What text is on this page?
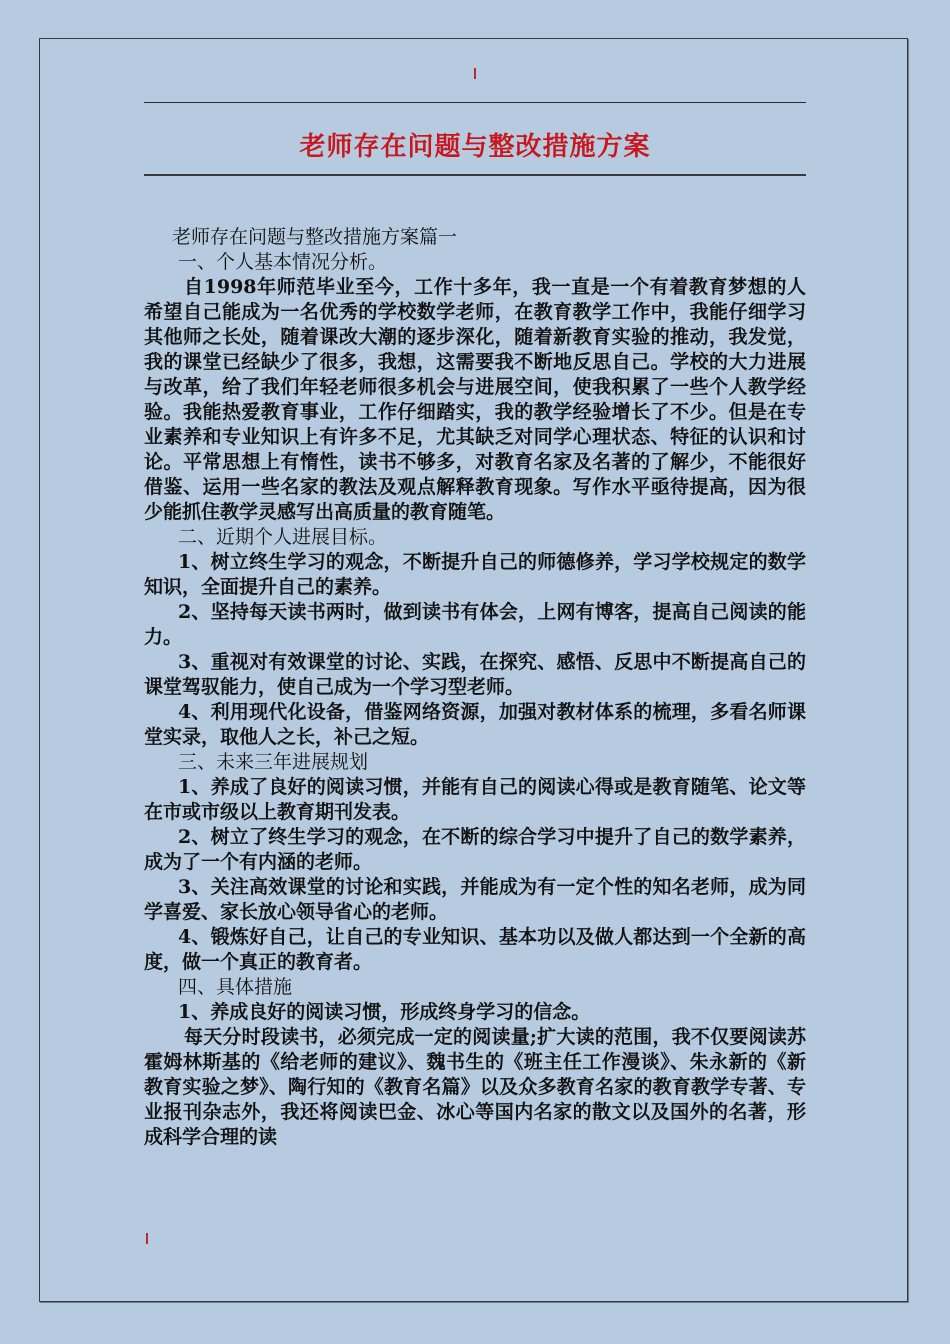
老师存在问题与整改措施方案

老师存在问题与整改措施方案篇一

一、个人基本情况分析。

自1998年师范毕业至今，工作十多年，我一直是一个有着教育梦想的人 希望自己能成为一名优秀的学校数学老师，在教育教学工作中，我能仔细学习其他师之长处，随着课改大潮的逐步深化，随着新教育实验的推动，我发觉，我的课堂已经缺少了很多，我想，这需要我不断地反思自己。学校的大力进展与改革，给了我们年轻老师很多机会与进展空间，使我积累了一些个人教学经验。我能热爱教育事业，工作仔细踏实，我的教学经验增长了不少。但是在专业素养和专业知识上有许多不足，尤其缺乏对同学心理状态、特征的认识和讨论。平常思想上有惰性，读书不够多，对教育名家及名著的了解少，不能很好借鉴、运用一些名家的教法及观点解释教育现象。写作水平亟待提高，因为很少能抓住教学灵感写出高质量的教育随笔。

二、近期个人进展目标。

1、树立终生学习的观念，不断提升自己的师德修养，学习学校规定的数学知识，全面提升自己的素养。

2、坚持每天读书两时，做到读书有体会，上网有博客，提高自己阅读的能力。

3、重视对有效课堂的讨论、实践，在探究、感悟、反思中不断提高自己的课堂驾驭能力，使自己成为一个学习型老师。

4、利用现代化设备，借鉴网络资源，加强对教材体系的梳理，多看名师课堂实录，取他人之长，补己之短。

三、未来三年进展规划

1、养成了良好的阅读习惯，并能有自己的阅读心得或是教育随笔、论文等在市或市级以上教育期刊发表。

2、树立了终生学习的观念，在不断的综合学习中提升了自己的数学素养，成为了一个有内涵的老师。

3、关注高效课堂的讨论和实践，并能成为有一定个性的知名老师，成为同学喜爱、家长放心领导省心的老师。

4、锻炼好自己，让自己的专业知识、基本功以及做人都达到一个全新的高度，做一个真正的教育者。

四、具体措施

1、养成良好的阅读习惯，形成终身学习的信念。

每天分时段读书，必须完成一定的阅读量;扩大读的范围，我不仅要阅读苏霍姆林斯基的《给老师的建议》、魏书生的《班主任工作漫谈》、朱永新的《新教育实验之梦》、陶行知的《教育名篇》以及众多教育名家的教育教学专著、专业报刊杂志外，我还将阅读巴金、冰心等国内名家的散文以及国外的名著，形成科学合理的读
